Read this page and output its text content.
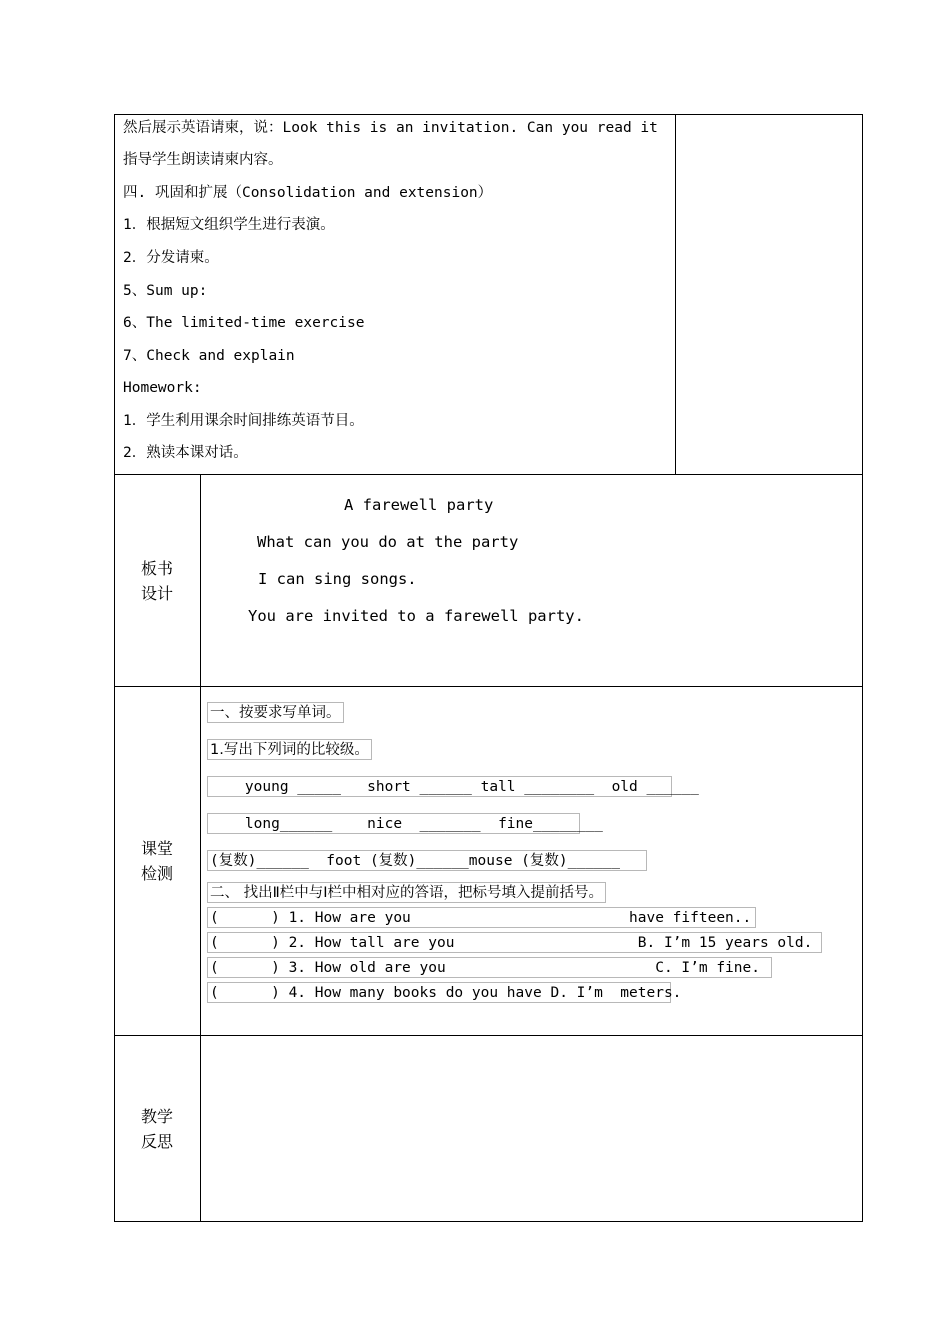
然后展示英语请柬，说：Look this is an invitation. Can you read it
指导学生朗读请柬内容。
四. 巩固和扩展（Consolidation and extension）
1．根据短文组织学生进行表演。
2．分发请柬。
5、Sum up:
6、The limited-time exercise
7、Check and explain
Homework:
1．学生利用课余时间排练英语节目。
2．熟读本课对话。
板书
设计
A farewell party
What can you do at the party
I can sing songs.
You are invited to a farewell party.
课堂
检测
一、按要求写单词。
1.写出下列词的比较级。
young _____   short ______ tall ________  old ______
long______    nice  _______  fine________
(复数)______  foot (复数)______mouse (复数)______
二、 找出Ⅱ栏中与Ⅰ栏中相对应的答语，把标号填入提前括号。
(      ) 1. How are you                         have fifteen..
(      ) 2. How tall are you                     B. I’m 15 years old.
(      ) 3. How old are you                        C. I’m fine.
(      ) 4. How many books do you have D. I’m  meters.
教学
反思
